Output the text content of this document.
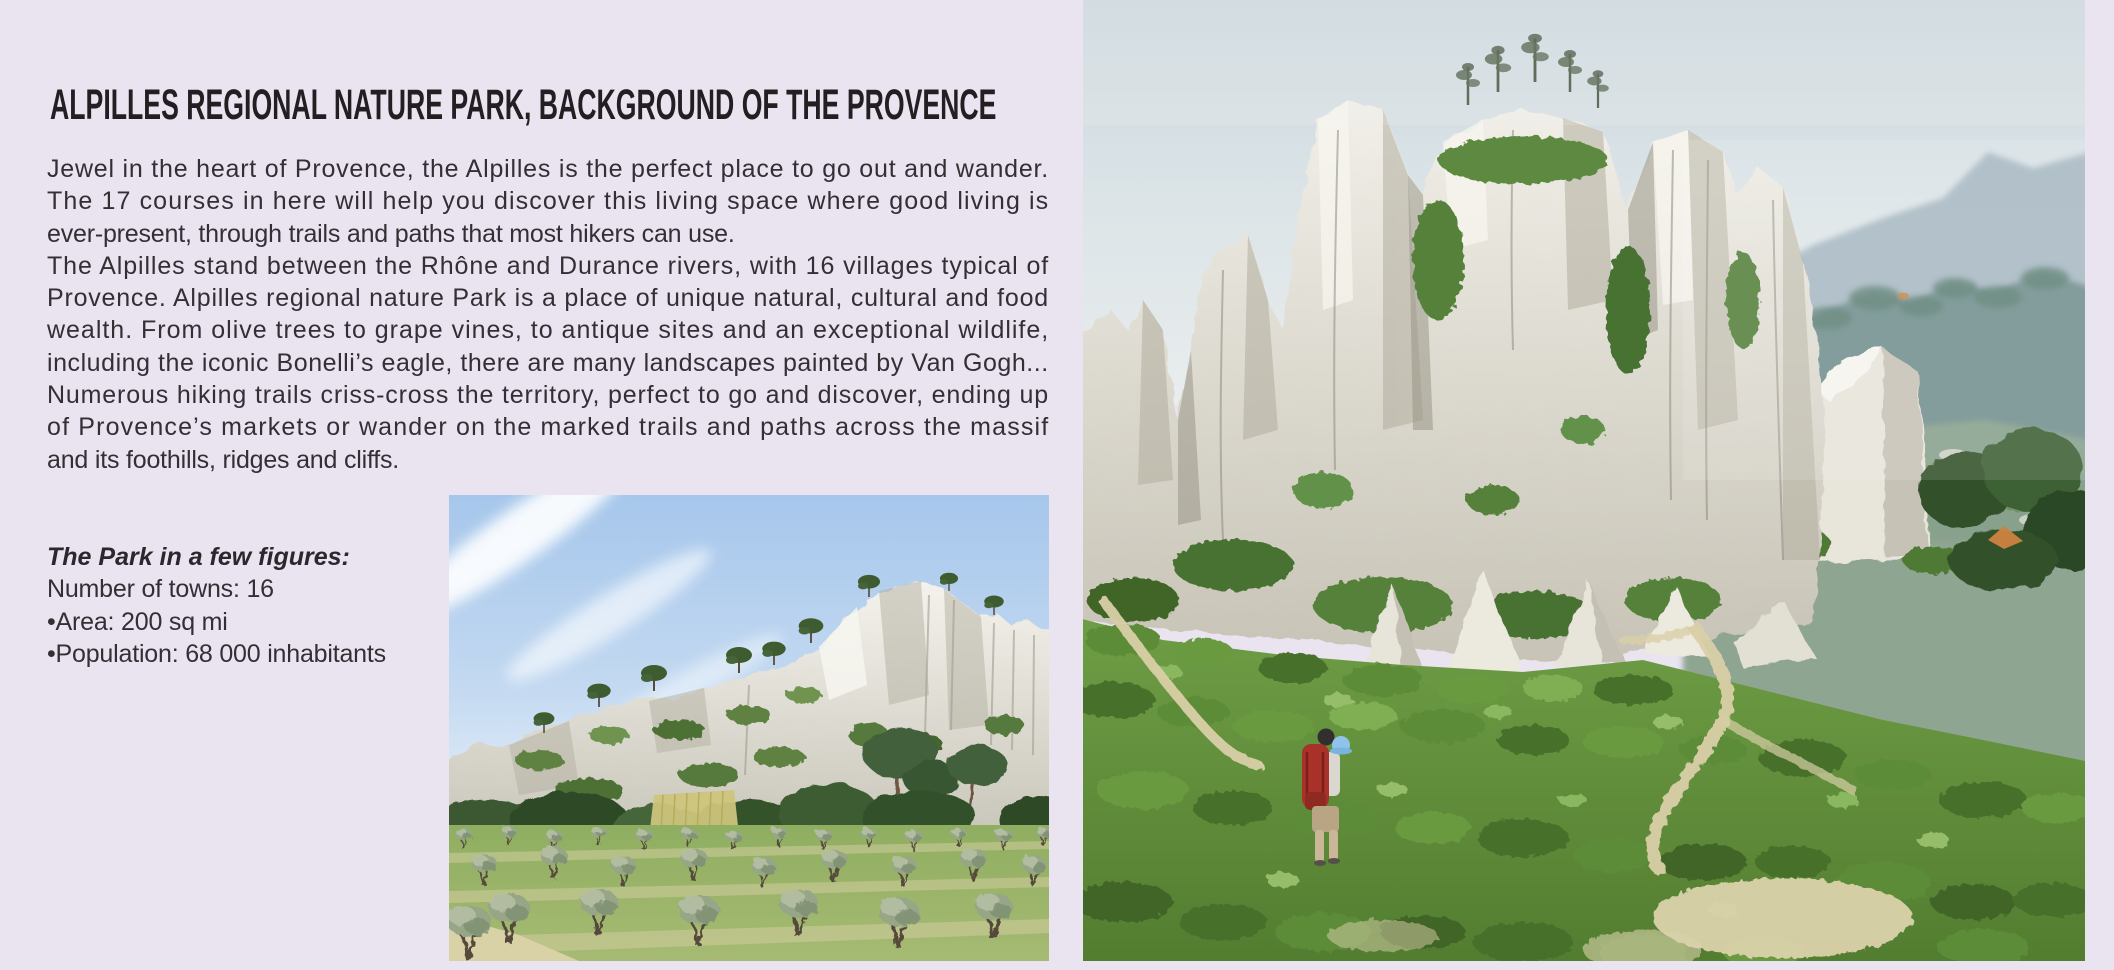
ALPILLES REGIONAL NATURE PARK, BACKGROUND OF THE PROVENCE
Jewel in the heart of Provence, the Alpilles is the perfect place to go out and wander.
The 17 courses in here will help you discover this living space where good living is
ever-present, through trails and paths that most hikers can use.
The Alpilles stand between the Rhône and Durance rivers, with 16 villages typical of
Provence. Alpilles regional nature Park is a place of unique natural, cultural and food
wealth. From olive trees to grape vines, to antique sites and an exceptional wildlife,
including the iconic Bonelli’s eagle, there are many landscapes painted by Van Gogh...
Numerous hiking trails criss-cross the territory, perfect to go and discover, ending up
of Provence’s markets or wander on the marked trails and paths across the massif
and its foothills, ridges and cliffs.

The Park in a few figures:

Number of towns: 16

•Area: 200 sq mi

•Population: 68 000 inhabitants
